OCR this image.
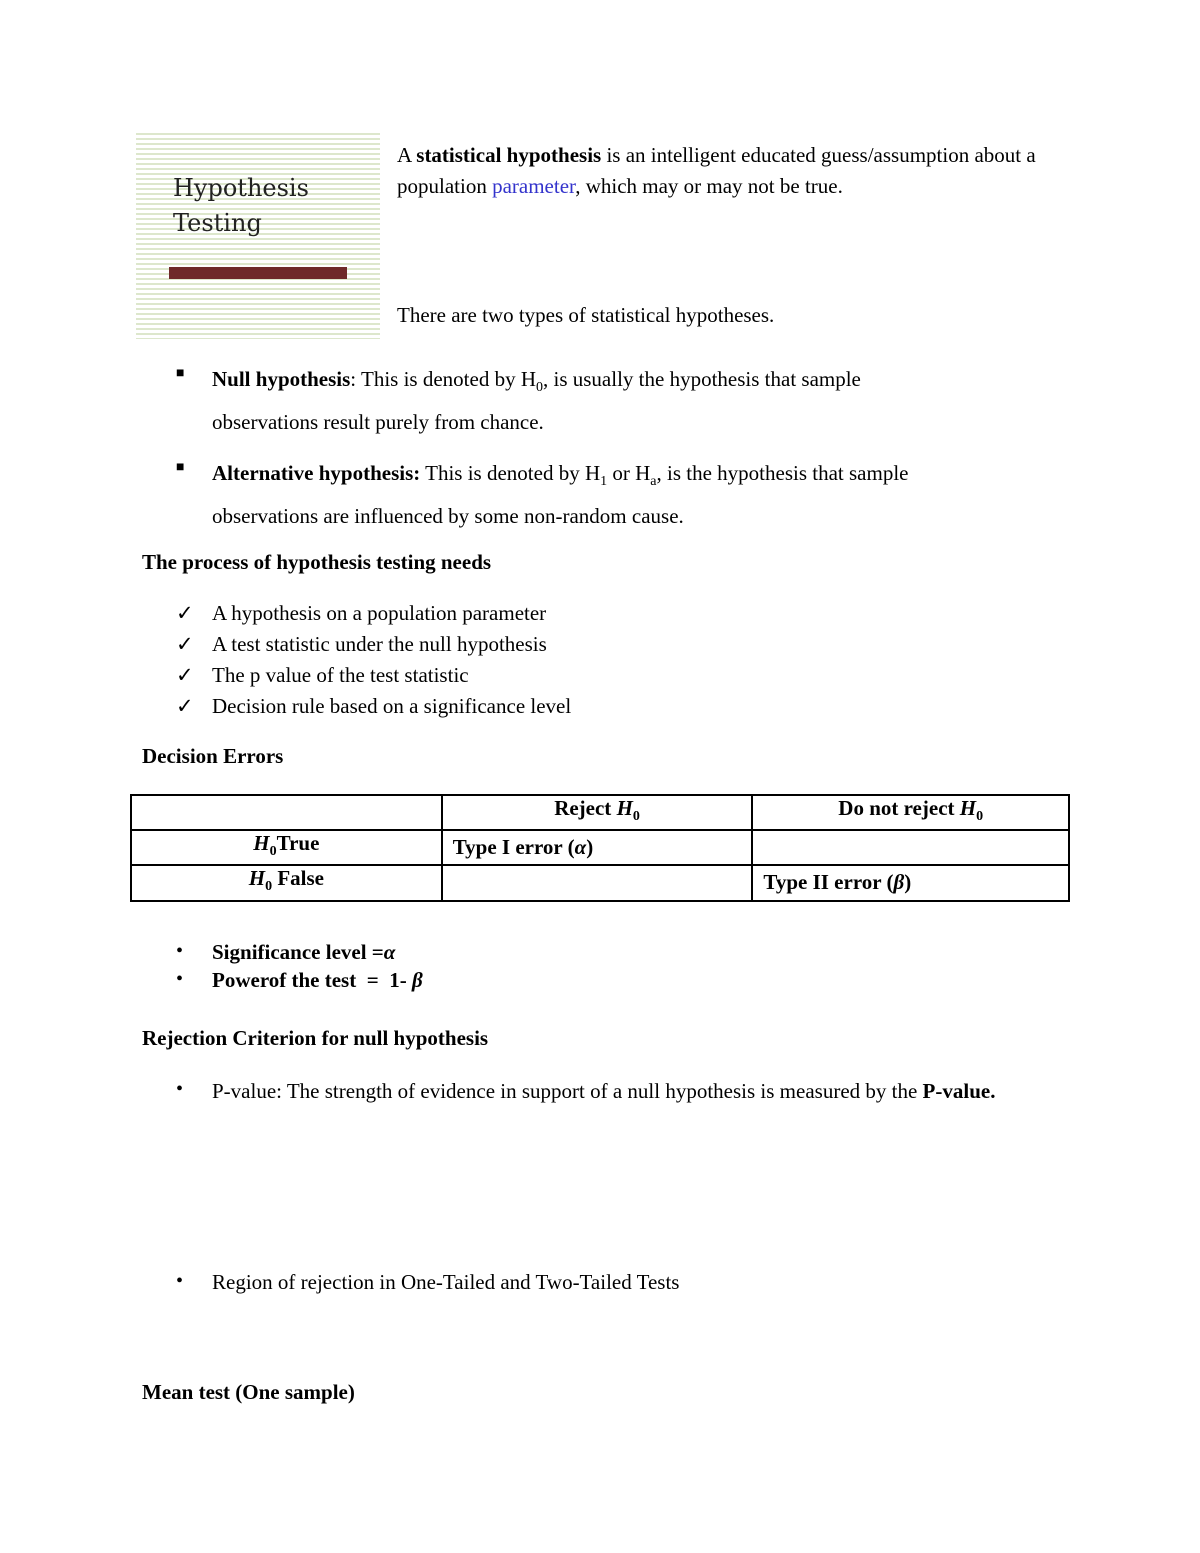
Hypothesis
Testing
A statistical hypothesis is an intelligent educated guess/assumption about a population parameter, which may or may not be true.
There are two types of statistical hypotheses.
■ Null hypothesis: This is denoted by $H_0$, is usually the hypothesis that sample observations result purely from chance.
■ Alternative hypothesis: This is denoted by $H_1$ or $H_a$, is the hypothesis that sample observations are influenced by some non-random cause.
The process of hypothesis testing needs
✓ A hypothesis on a population parameter
✓ A test statistic under the null hypothesis
✓ The p value of the test statistic
✓ Decision rule based on a significance level
Decision Errors
	Reject $H_0$	Do not reject $H_0$
$H_0True$	Type I error (α)	
$H_0$ False		Type II error (β)
• Significance level =α
• Powerof the test  =  1- β
Rejection Criterion for null hypothesis
• P-value: The strength of evidence in support of a null hypothesis is measured by the P-value.
• Region of rejection in One-Tailed and Two-Tailed Tests
Mean test (One sample)
